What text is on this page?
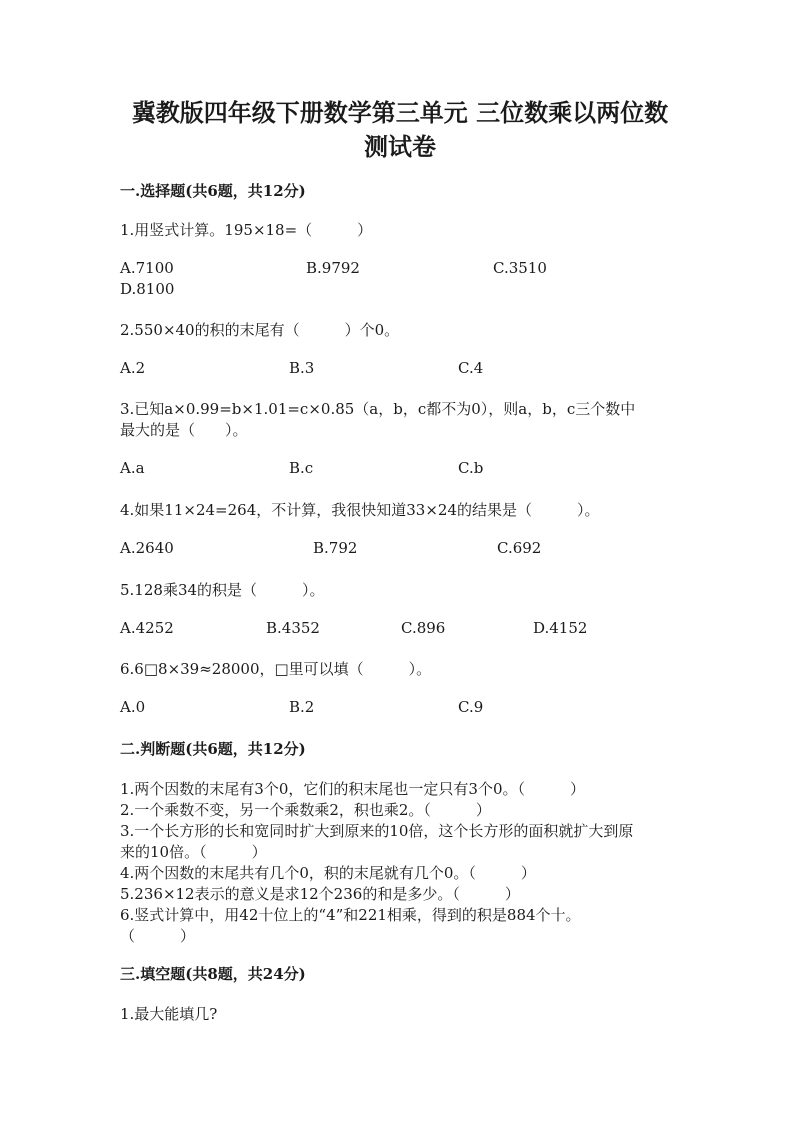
冀教版四年级下册数学第三单元 三位数乘以两位数
测试卷
一.选择题(共6题，共12分)
1.用竖式计算。195×18=（　　　）
A.7100	B.9792	C.3510
D.8100
2.550×40的积的末尾有（　　　）个0。
A.2	B.3	C.4
3.已知a×0.99=b×1.01=c×0.85（a，b，c都不为0），则a，b，c三个数中
最大的是（　　）。
A.a	B.c	C.b
4.如果11×24=264，不计算，我很快知道33×24的结果是（　　　）。
A.2640	B.792	C.692
5.128乘34的积是（　　　）。
A.4252	B.4352	C.896	D.4152
6.6□8×39≈28000，□里可以填（　　　）。
A.0	B.2	C.9
二.判断题(共6题，共12分)
1.两个因数的末尾有3个0，它们的积末尾也一定只有3个0。（　　　）
2.一个乘数不变，另一个乘数乘2，积也乘2。（　　　）
3.一个长方形的长和宽同时扩大到原来的10倍，这个长方形的面积就扩大到原
来的10倍。（　　　）
4.两个因数的末尾共有几个0，积的末尾就有几个0。（　　　）
5.236×12表示的意义是求12个236的和是多少。（　　　）
6.竖式计算中，用42十位上的“4”和221相乘，得到的积是884个十。
（　　　）
三.填空题(共8题，共24分)
1.最大能填几?
